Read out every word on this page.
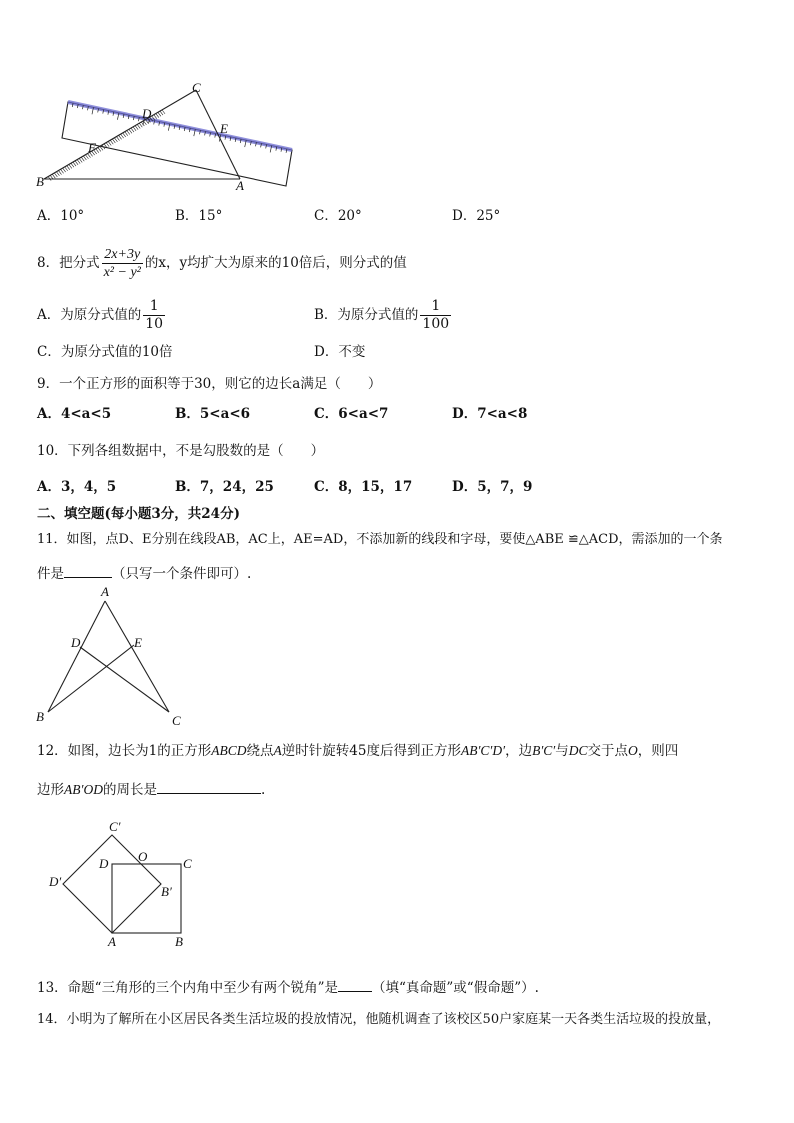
C
D
E
F
B	A
A．10°	B．15°	C．20°	D．25°
8．把分式 $\frac{2x+3y}{\text{x² − y²}}$ 的x，y均扩大为原来的10倍后，则分式的值
A．为原分式值的 $\frac{1}{10}$	B．为原分式值的 $\frac{1}{100}$
C．为原分式值的10倍	D．不变
9．一个正方形的面积等于30，则它的边长a满足（　　）
A．4<a<5	B．5<a<6	C．6<a<7	D．7<a<8
10．下列各组数据中，不是勾股数的是（　　）
A．3，4，5	B．7，24，25	C．8，15，17	D．5，7，9
二、填空题(每小题3分，共24分)
11．如图，点D、E分别在线段AB，AC上，AE=AD，不添加新的线段和字母，要使△ABE ≌△ACD，需添加的一个条
件是	（只写一个条件即可）.
A
D	E
B	C
12．如图，边长为1的正方形ABCD绕点A逆时针旋转45度后得到正方形AB′C′D′，边B′C′与DC交于点O，则四
边形AB′OD的周长是	.
C′
D O	C
D′
B′
A	B
13．命题“三角形的三个内角中至少有两个锐角”是	（填“真命题”或“假命题”）.
14．小明为了解所在小区居民各类生活垃圾的投放情况，他随机调查了该校区50户家庭某一天各类生活垃圾的投放量，
